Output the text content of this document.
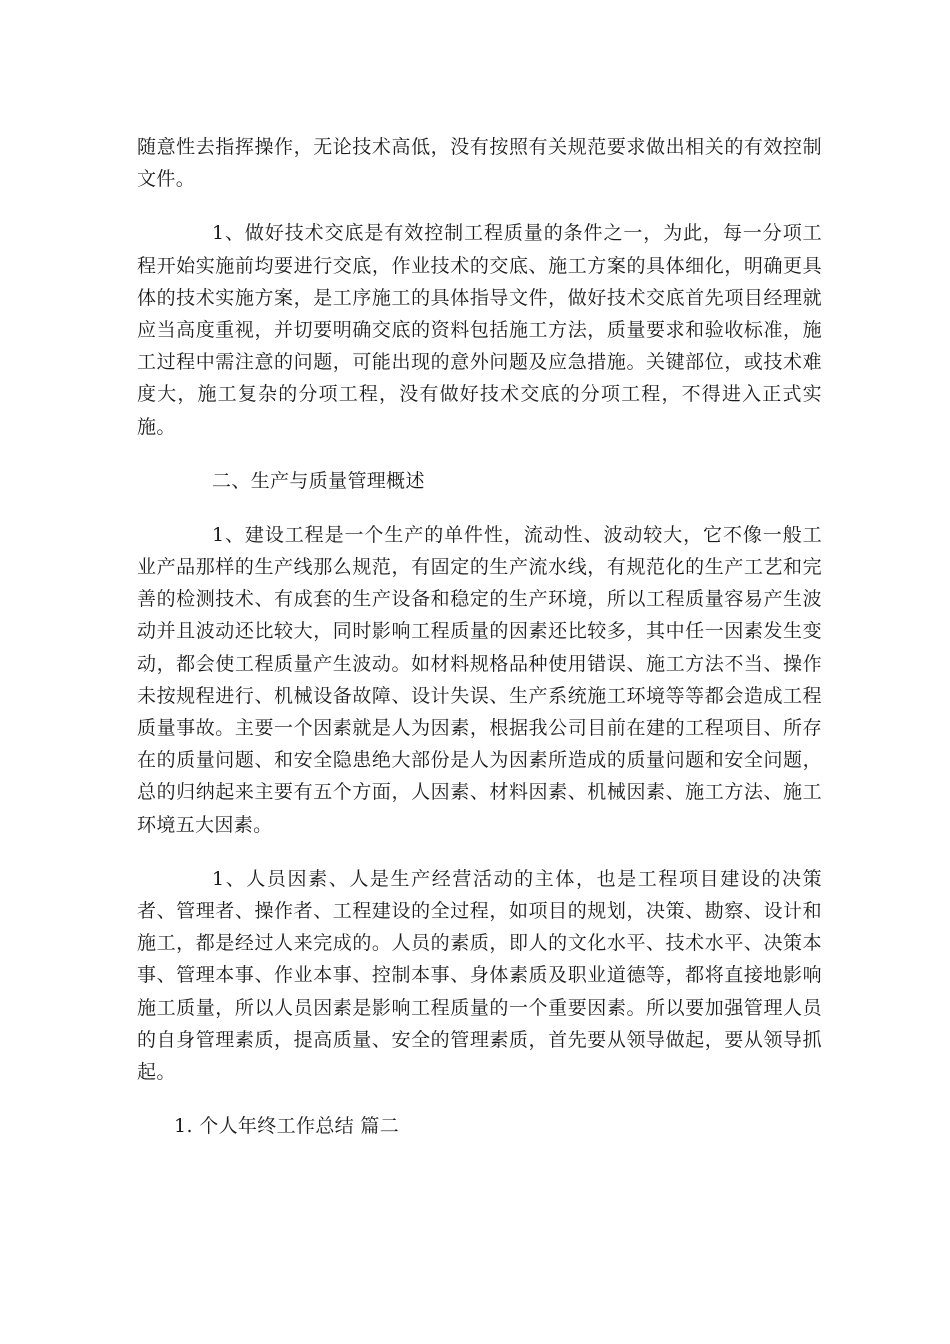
随意性去指挥操作，无论技术高低，没有按照有关规范要求做出相关的有效控制文件。

1、做好技术交底是有效控制工程质量的条件之一，为此，每一分项工程开始实施前均要进行交底，作业技术的交底、施工方案的具体细化，明确更具体的技术实施方案，是工序施工的具体指导文件，做好技术交底首先项目经理就应当高度重视，并切要明确交底的资料包括施工方法，质量要求和验收标准，施工过程中需注意的问题，可能出现的意外问题及应急措施。关键部位，或技术难度大，施工复杂的分项工程，没有做好技术交底的分项工程，不得进入正式实施。

二、生产与质量管理概述

1、建设工程是一个生产的单件性，流动性、波动较大，它不像一般工业产品那样的生产线那么规范，有固定的生产流水线，有规范化的生产工艺和完善的检测技术、有成套的生产设备和稳定的生产环境，所以工程质量容易产生波动并且波动还比较大，同时影响工程质量的因素还比较多，其中任一因素发生变动，都会使工程质量产生波动。如材料规格品种使用错误、施工方法不当、操作未按规程进行、机械设备故障、设计失误、生产系统施工环境等等都会造成工程质量事故。主要一个因素就是人为因素，根据我公司目前在建的工程项目、所存在的质量问题、和安全隐患绝大部份是人为因素所造成的质量问题和安全问题，总的归纳起来主要有五个方面，人因素、材料因素、机械因素、施工方法、施工环境五大因素。

1、人员因素、人是生产经营活动的主体，也是工程项目建设的决策者、管理者、操作者、工程建设的全过程，如项目的规划，决策、勘察、设计和施工，都是经过人来完成的。人员的素质，即人的文化水平、技术水平、决策本事、管理本事、作业本事、控制本事、身体素质及职业道德等，都将直接地影响施工质量，所以人员因素是影响工程质量的一个重要因素。所以要加强管理人员的自身管理素质，提高质量、安全的管理素质，首先要从领导做起，要从领导抓起。

1. 个人年终工作总结 篇二
